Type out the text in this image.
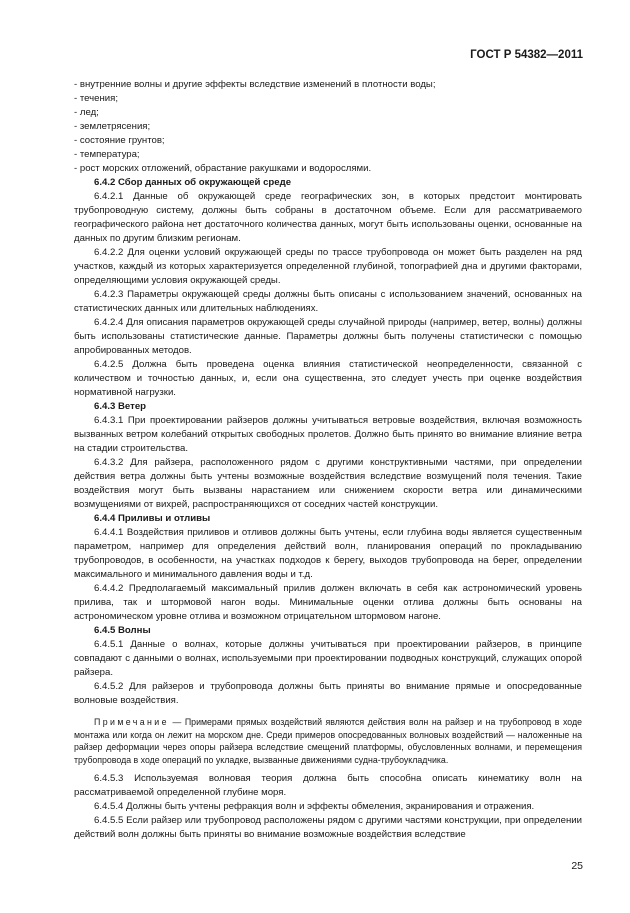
ГОСТ Р 54382—2011

- внутренние волны и другие эффекты вследствие изменений в плотности воды;

- течения;

- лед;

- землетрясения;

- состояние грунтов;

- температура;

- рост морских отложений, обрастание ракушками и водорослями.

6.4.2 Сбор данных об окружающей среде

6.4.2.1 Данные об окружающей среде географических зон, в которых предстоит монтировать трубопроводную систему, должны быть собраны в достаточном объеме. Если для рассматриваемого географического района нет достаточного количества данных, могут быть использованы оценки, основанные на данных по другим близким регионам.

6.4.2.2 Для оценки условий окружающей среды по трассе трубопровода он может быть разделен на ряд участков, каждый из которых характеризуется определенной глубиной, топографией дна и другими факторами, определяющими условия окружающей среды.

6.4.2.3 Параметры окружающей среды должны быть описаны с использованием значений, основанных на статистических данных или длительных наблюдениях.

6.4.2.4 Для описания параметров окружающей среды случайной природы (например, ветер, волны) должны быть использованы статистические данные. Параметры должны быть получены статистически с помощью апробированных методов.

6.4.2.5 Должна быть проведена оценка влияния статистической неопределенности, связанной с количеством и точностью данных, и, если она существенна, это следует учесть при оценке воздействия нормативной нагрузки.

6.4.3 Ветер

6.4.3.1 При проектировании райзеров должны учитываться ветровые воздействия, включая возможность вызванных ветром колебаний открытых свободных пролетов. Должно быть принято во внимание влияние ветра на стадии строительства.

6.4.3.2 Для райзера, расположенного рядом с другими конструктивными частями, при определении действия ветра должны быть учтены возможные воздействия вследствие возмущений поля течения. Такие воздействия могут быть вызваны нарастанием или снижением скорости ветра или динамическими возмущениями от вихрей, распространяющихся от соседних частей конструкции.

6.4.4 Приливы и отливы

6.4.4.1 Воздействия приливов и отливов должны быть учтены, если глубина воды является существенным параметром, например для определения действий волн, планирования операций по прокладыванию трубопроводов, в особенности, на участках подходов к берегу, выходов трубопровода на берег, определении максимального и минимального давления воды и т.д.

6.4.4.2 Предполагаемый максимальный прилив должен включать в себя как астрономический уровень прилива, так и штормовой нагон воды. Минимальные оценки отлива должны быть основаны на астрономическом уровне отлива и возможном отрицательном штормовом нагоне.

6.4.5 Волны

6.4.5.1 Данные о волнах, которые должны учитываться при проектировании райзеров, в принципе совпадают с данными о волнах, используемыми при проектировании подводных конструкций, служащих опорой райзера.

6.4.5.2 Для райзеров и трубопровода должны быть приняты во внимание прямые и опосредованные волновые воздействия.

Примечание — Примерами прямых воздействий являются действия волн на райзер и на трубопровод в ходе монтажа или когда он лежит на морском дне. Среди примеров опосредованных волновых воздействий — наложенные на райзер деформации через опоры райзера вследствие смещений платформы, обусловленных волнами, и перемещения трубопровода в ходе операций по укладке, вызванные движениями судна-трубоукладчика.

6.4.5.3 Используемая волновая теория должна быть способна описать кинематику волн на рассматриваемой определенной глубине моря.

6.4.5.4 Должны быть учтены рефракция волн и эффекты обмеления, экранирования и отражения.

6.4.5.5 Если райзер или трубопровод расположены рядом с другими частями конструкции, при определении действий волн должны быть приняты во внимание возможные воздействия вследствие

25
